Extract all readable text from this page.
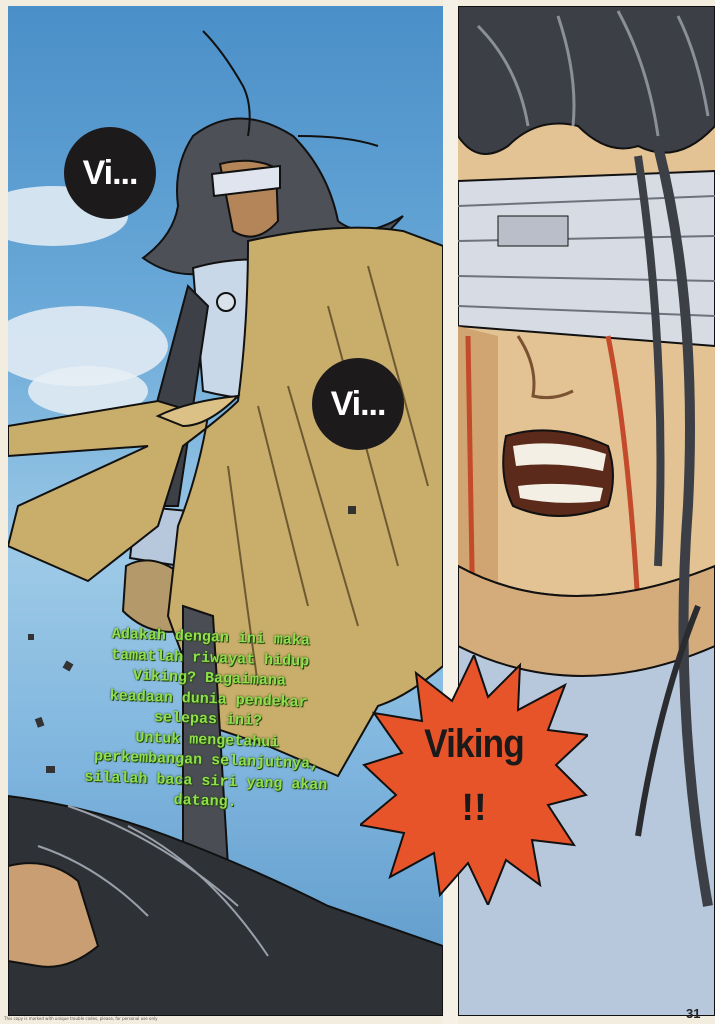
Vi...
Vi...
Adakah dengan ini maka
tamatlah riwayat hidup
Viking? Bagaimana
keadaan dunia pendekar
selepas ini?
Untuk mengetahui
perkembangan selanjutnya,
silalah baca siri yang akan
datang.
Viking
!!
31
This copy is marked with unique trouble codes, please, for personal use only
